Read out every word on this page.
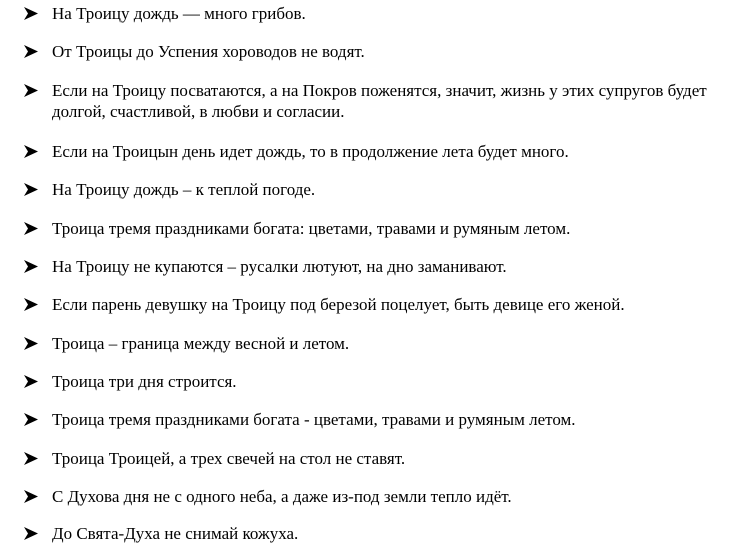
На Троицу дождь — много грибов.
От Троицы до Успения хороводов не водят.
Если на Троицу посватаются, а на Покров поженятся, значит, жизнь у этих супругов будет долгой, счастливой, в любви и согласии.
Если на Троицын день идет дождь, то в продолжение лета будет много.
На Троицу дождь – к теплой погоде.
Троица тремя праздниками богата: цветами, травами и румяным летом.
На Троицу не купаются – русалки лютуют, на дно заманивают.
Если парень девушку на Троицу под березой поцелует, быть девице его женой.
Троица – граница между весной и летом.
Троица три дня строится.
Троица тремя праздниками богата - цветами, травами и румяным летом.
Троица Троицей, а трех свечей на стол не ставят.
С Духова дня не с одного неба, а даже из-под земли тепло идёт.
До Свята-Духа не снимай кожуха.
